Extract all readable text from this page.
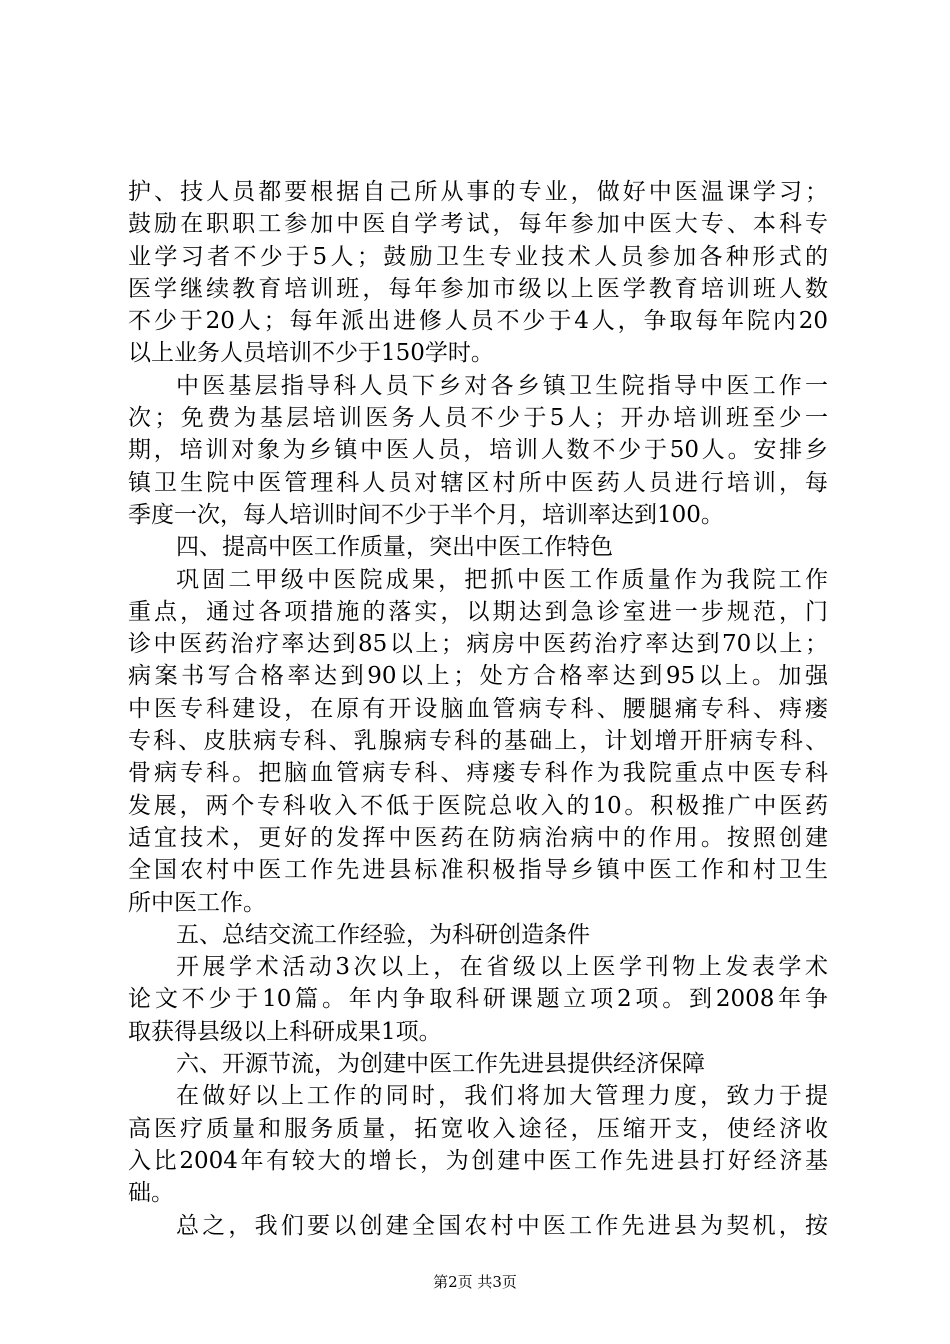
护、技人员都要根据自己所从事的专业，做好中医温课学习；
鼓励在职职工参加中医自学考试，每年参加中医大专、本科专
业学习者不少于5人；鼓励卫生专业技术人员参加各种形式的
医学继续教育培训班，每年参加市级以上医学教育培训班人数
不少于20人；每年派出进修人员不少于4人，争取每年院内20
以上业务人员培训不少于150学时。
中医基层指导科人员下乡对各乡镇卫生院指导中医工作一
次；免费为基层培训医务人员不少于5人；开办培训班至少一
期，培训对象为乡镇中医人员，培训人数不少于50人。安排乡
镇卫生院中医管理科人员对辖区村所中医药人员进行培训，每
季度一次，每人培训时间不少于半个月，培训率达到100。
四、提高中医工作质量，突出中医工作特色
巩固二甲级中医院成果，把抓中医工作质量作为我院工作
重点，通过各项措施的落实，以期达到急诊室进一步规范，门
诊中医药治疗率达到85以上；病房中医药治疗率达到70以上；
病案书写合格率达到90以上；处方合格率达到95以上。加强
中医专科建设，在原有开设脑血管病专科、腰腿痛专科、痔瘘
专科、皮肤病专科、乳腺病专科的基础上，计划增开肝病专科、
骨病专科。把脑血管病专科、痔瘘专科作为我院重点中医专科
发展，两个专科收入不低于医院总收入的10。积极推广中医药
适宜技术，更好的发挥中医药在防病治病中的作用。按照创建
全国农村中医工作先进县标准积极指导乡镇中医工作和村卫生
所中医工作。
五、总结交流工作经验，为科研创造条件
开展学术活动3次以上，在省级以上医学刊物上发表学术
论文不少于10篇。年内争取科研课题立项2项。到2008年争
取获得县级以上科研成果1项。
六、开源节流，为创建中医工作先进县提供经济保障
在做好以上工作的同时，我们将加大管理力度，致力于提
高医疗质量和服务质量，拓宽收入途径，压缩开支，使经济收
入比2004年有较大的增长，为创建中医工作先进县打好经济基
础。
总之，我们要以创建全国农村中医工作先进县为契机，按
第2页 共3页
